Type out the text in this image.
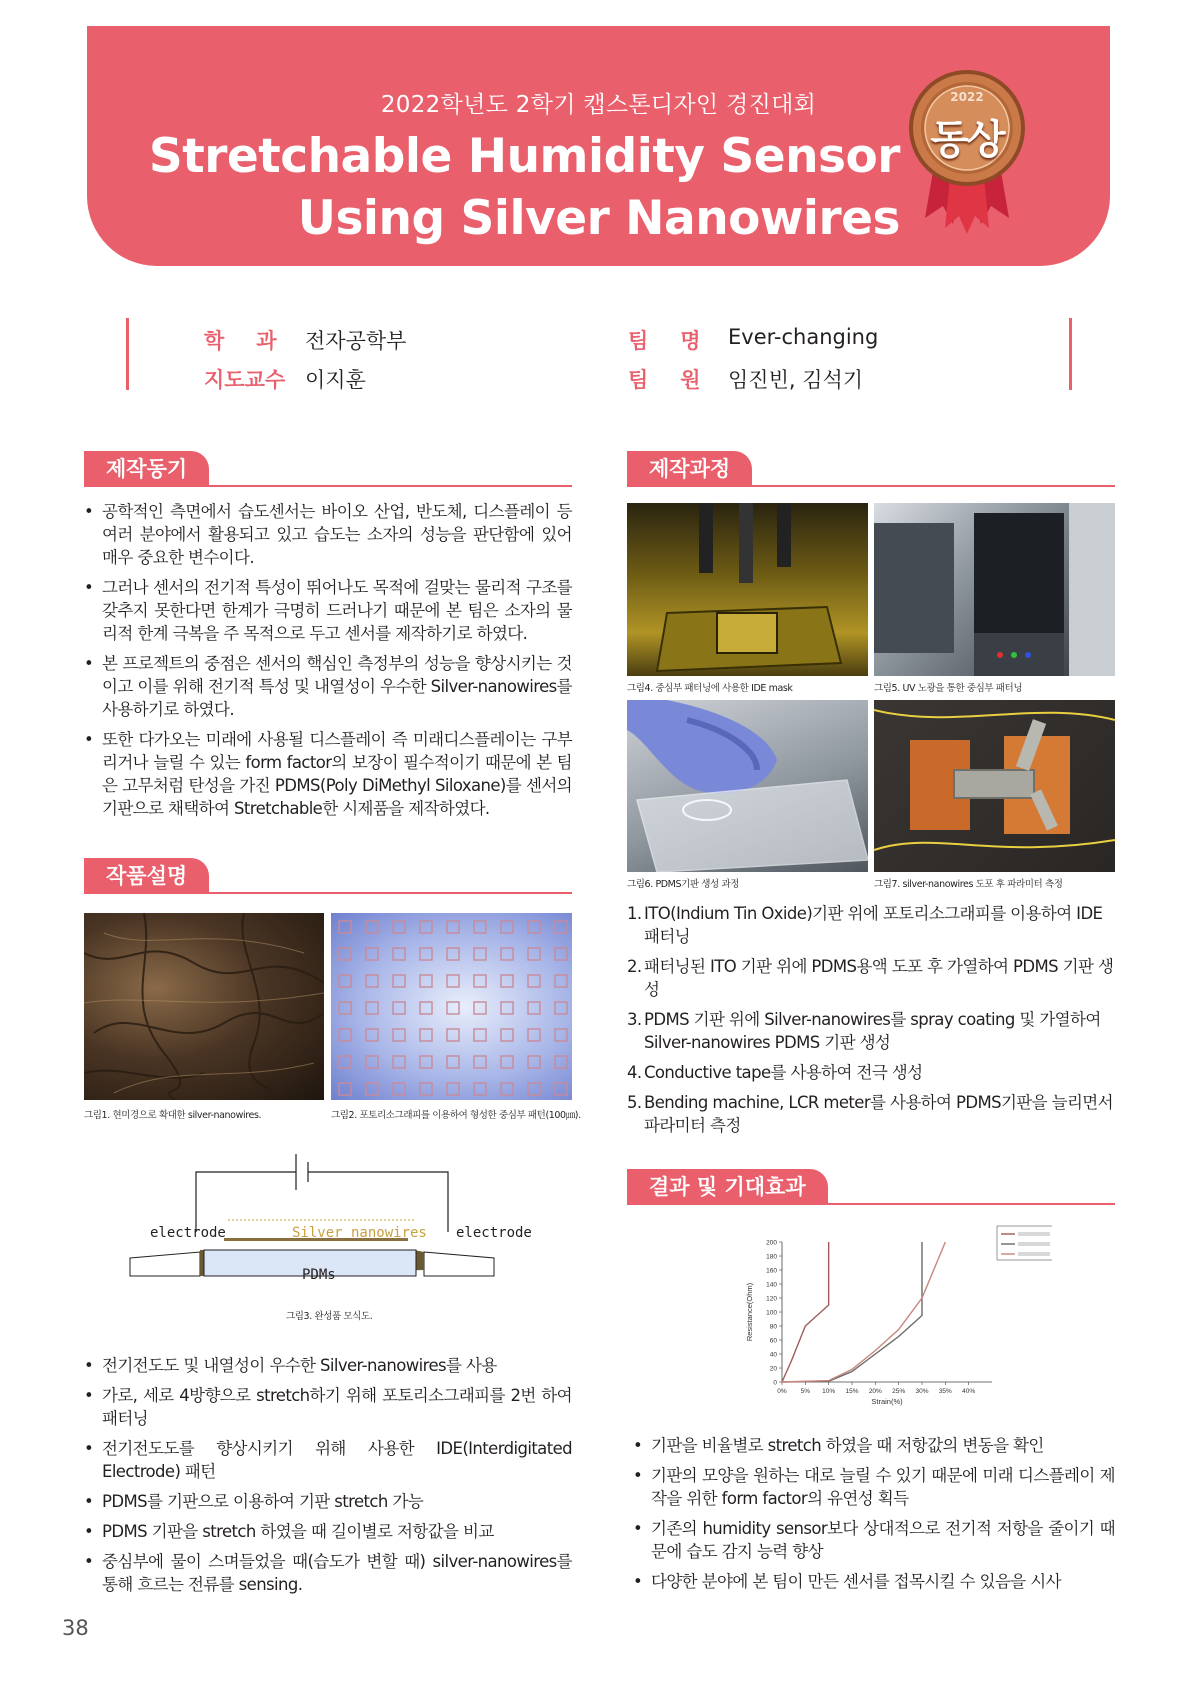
2022학년도 2학기 캡스톤디자인 경진대회
Stretchable Humidity Sensor
Using Silver Nanowires
2022
동상
학과
전자공학부
지도교수 이지훈
팀명
Ever-changing
팀원
임진빈, 김석기
제작동기
• 공학적인 측면에서 습도센서는 바이오 산업, 반도체, 디스플레이 등 여러 분야에서 활용되고 있고 습도는 소자의 성능을 판단함에 있어 매우 중요한 변수이다.
• 그러나 센서의 전기적 특성이 뛰어나도 목적에 걸맞는 물리적 구조를 갖추지 못한다면 한계가 극명히 드러나기 때문에 본 팀은 소자의 물리적 한계 극복을 주 목적으로 두고 센서를 제작하기로 하였다.
• 본 프로젝트의 중점은 센서의 핵심인 측정부의 성능을 향상시키는 것이고 이를 위해 전기적 특성 및 내열성이 우수한 Silver-nanowires를 사용하기로 하였다.
• 또한 다가오는 미래에 사용될 디스플레이 즉 미래디스플레이는 구부리거나 늘릴 수 있는 form factor의 보장이 필수적이기 때문에 본 팀은 고무처럼 탄성을 가진 PDMS(Poly DiMethyl Siloxane)를 센서의 기판으로 채택하여 Stretchable한 시제품을 제작하였다.
작품설명
그림1. 현미경으로 확대한 silver-nanowires.	그림2. 포토리소그래피를 이용하여 형성한 중심부 패턴(100㎛).
electrode	electrode
Silver nanowires
PDMs
그림3. 완성품 모식도.
• 전기전도도 및 내열성이 우수한 Silver-nanowires를 사용
• 가로, 세로 4방향으로 stretch하기 위해 포토리소그래피를 2번 하여 패터닝
• 전기전도도를 향상시키기 위해 사용한 IDE(Interdigitated Electrode) 패턴
• PDMS를 기판으로 이용하여 기판 stretch 가능
• PDMS 기판을 stretch 하였을 때 길이별로 저항값을 비교
• 중심부에 물이 스며들었을 때(습도가 변할 때) silver-nanowires를 통해 흐르는 전류를 sensing.
제작과정
그림4. 중심부 패터닝에 사용한 IDE mask	그림5. UV 노광을 통한 중심부 패터닝
그림6. PDMS기판 생성 과정	그림7. silver-nanowires 도포 후 파라미터 측정
1. ITO(Indium Tin Oxide)기판 위에 포토리소그래피를 이용하여 IDE 패터닝
2. 패터닝된 ITO 기판 위에 PDMS용액 도포 후 가열하여 PDMS 기판 생성
3. PDMS 기판 위에 Silver-nanowires를 spray coating 및 가열하여 Silver-nanowires PDMS 기판 생성
4. Conductive tape를 사용하여 전극 생성
5. Bending machine, LCR meter를 사용하여 PDMS기판을 늘리면서 파라미터 측정
결과 및 기대효과
0
20
40
60
80
100
120
140
160
180
200
0% 5% 10% 15% 20% 25% 30% 35% 40%
Strain(%)
Resistance(Ohm)
• 기판을 비율별로 stretch 하였을 때 저항값의 변동을 확인
• 기판의 모양을 원하는 대로 늘릴 수 있기 때문에 미래 디스플레이 제작을 위한 form factor의 유연성 획득
• 기존의 humidity sensor보다 상대적으로 전기적 저항을 줄이기 때문에 습도 감지 능력 향상
• 다양한 분야에 본 팀이 만든 센서를 접목시킬 수 있음을 시사
38
